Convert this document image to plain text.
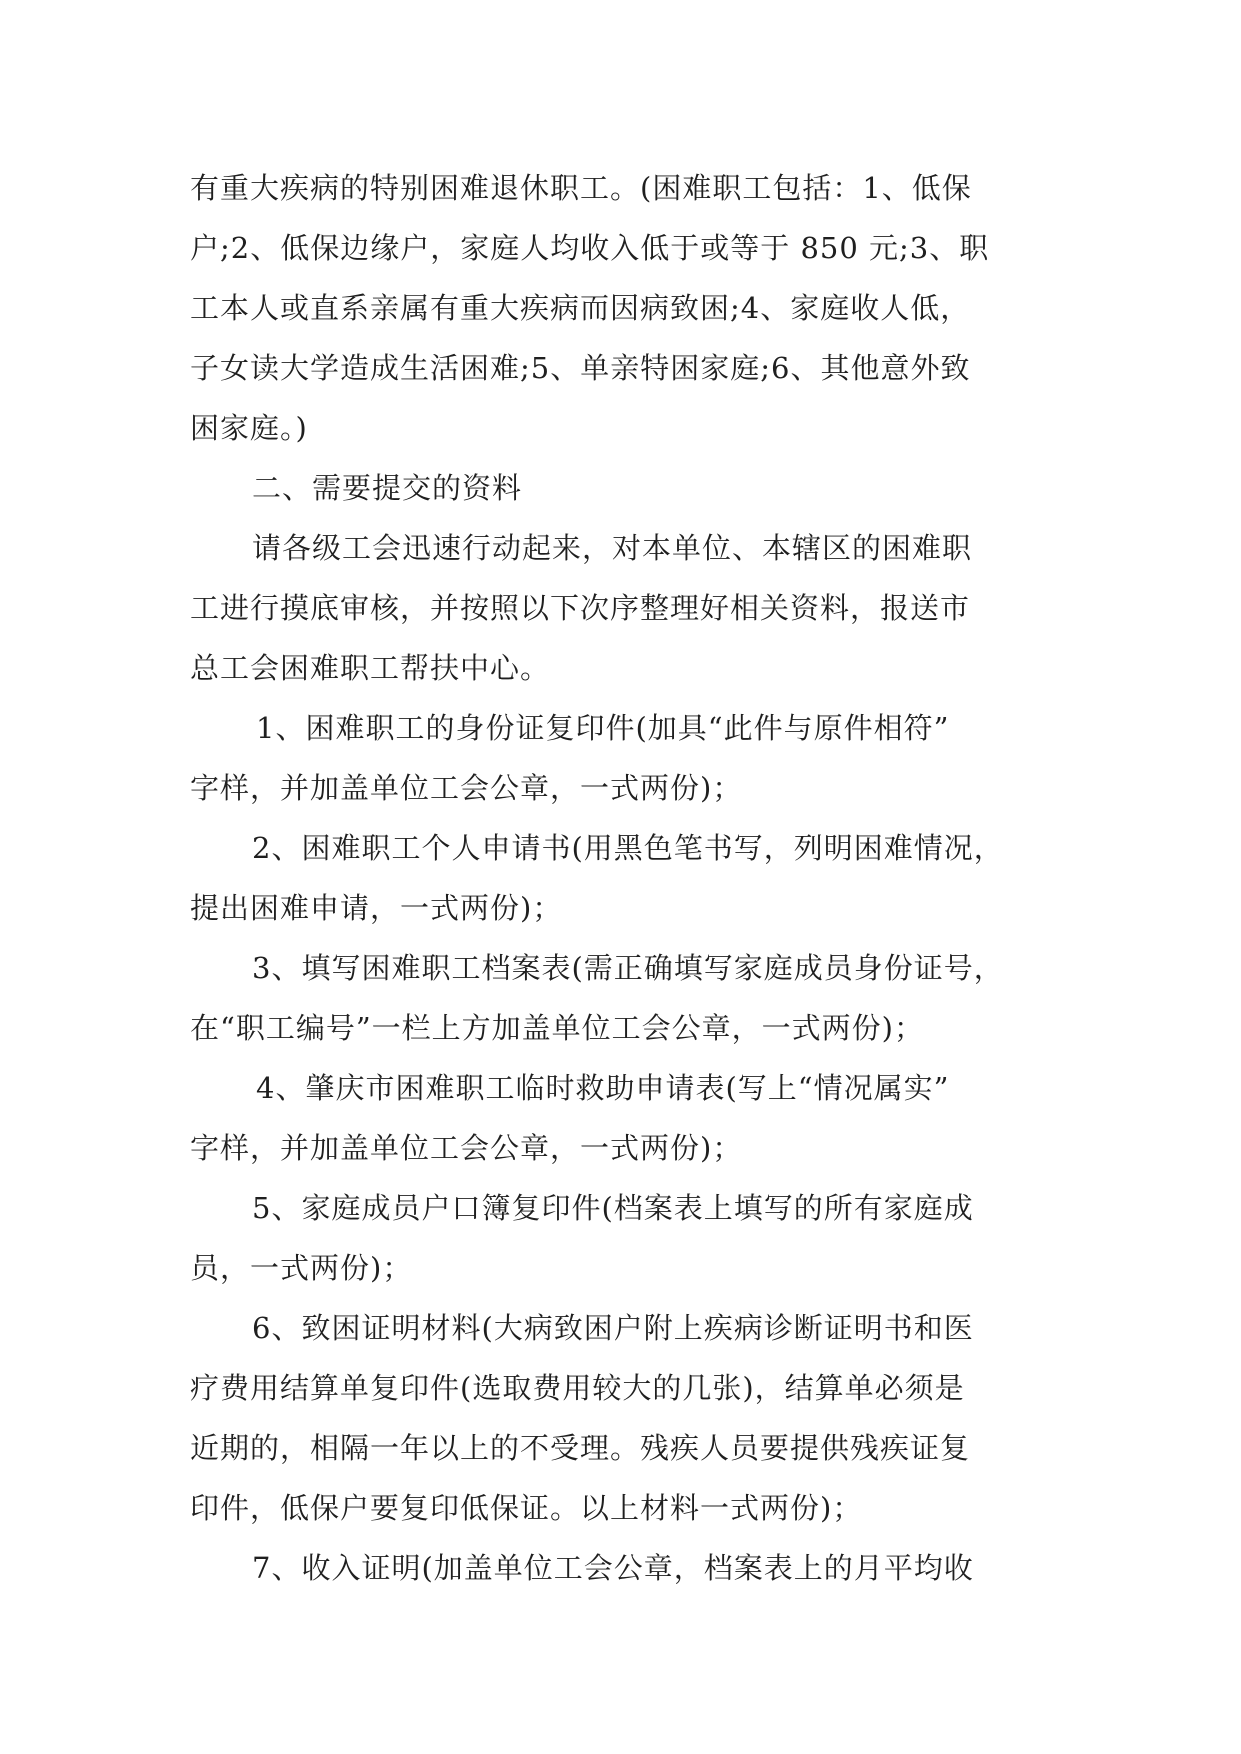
有重大疾病的特别困难退休职工。(困难职工包括：1、低保
户;2、低保边缘户，家庭人均收入低于或等于 850 元;3、职
工本人或直系亲属有重大疾病而因病致困;4、家庭收人低，
子女读大学造成生活困难;5、单亲特困家庭;6、其他意外致
困家庭。)
二、需要提交的资料
请各级工会迅速行动起来，对本单位、本辖区的困难职
工进行摸底审核，并按照以下次序整理好相关资料，报送市
总工会困难职工帮扶中心。
1、困难职工的身份证复印件(加具“此件与原件相符”
字样，并加盖单位工会公章，一式两份)；
2、困难职工个人申请书(用黑色笔书写，列明困难情况，
提出困难申请，一式两份)；
3、填写困难职工档案表(需正确填写家庭成员身份证号，
在“职工编号”一栏上方加盖单位工会公章，一式两份)；
4、肇庆市困难职工临时救助申请表(写上“情况属实”
字样，并加盖单位工会公章，一式两份)；
5、家庭成员户口簿复印件(档案表上填写的所有家庭成
员，一式两份)；
6、致困证明材料(大病致困户附上疾病诊断证明书和医
疗费用结算单复印件(选取费用较大的几张)，结算单必须是
近期的，相隔一年以上的不受理。残疾人员要提供残疾证复
印件，低保户要复印低保证。以上材料一式两份)；
7、收入证明(加盖单位工会公章，档案表上的月平均收
